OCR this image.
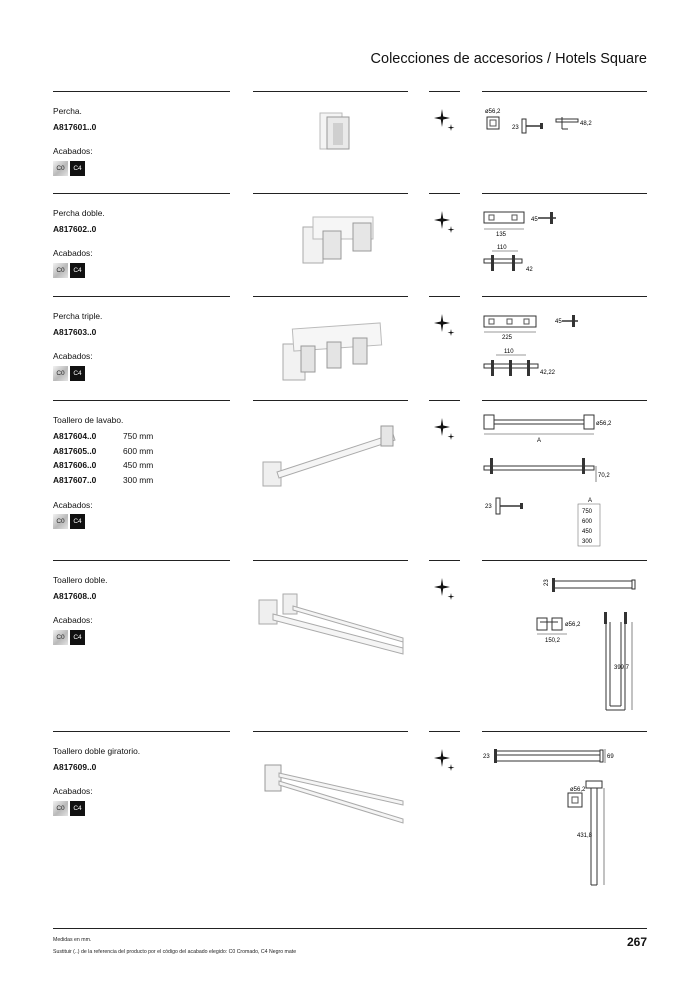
Colecciones de accesorios / Hotels Square
Percha.
A817601..0
Acabados:
C0 C4
ø56,2
23
48,2
Percha doble.
A817602..0
Acabados:
C0 C4
135
45
110
42
Percha triple.
A817603..0
Acabados:
C0 C4
225
45
110
42,22
Toallero de lavabo.
A817604..0	750 mm
A817605..0	600 mm
A817606..0	450 mm
A817607..0	300 mm
Acabados:
C0 C4
ø56,2
A
70,2
23
A
750
600
450
300
Toallero doble.
A817608..0
Acabados:
C0 C4
23
ø56,2
150,2
399,7
Toallero doble giratorio.
A817609..0
Acabados:
C0 C4
23	69
ø56,2
431,8
Medidas en mm.
Sustituir (..) de la referencia del producto por el código del acabado elegido: C0 Cromado, C4 Negro mate
267
